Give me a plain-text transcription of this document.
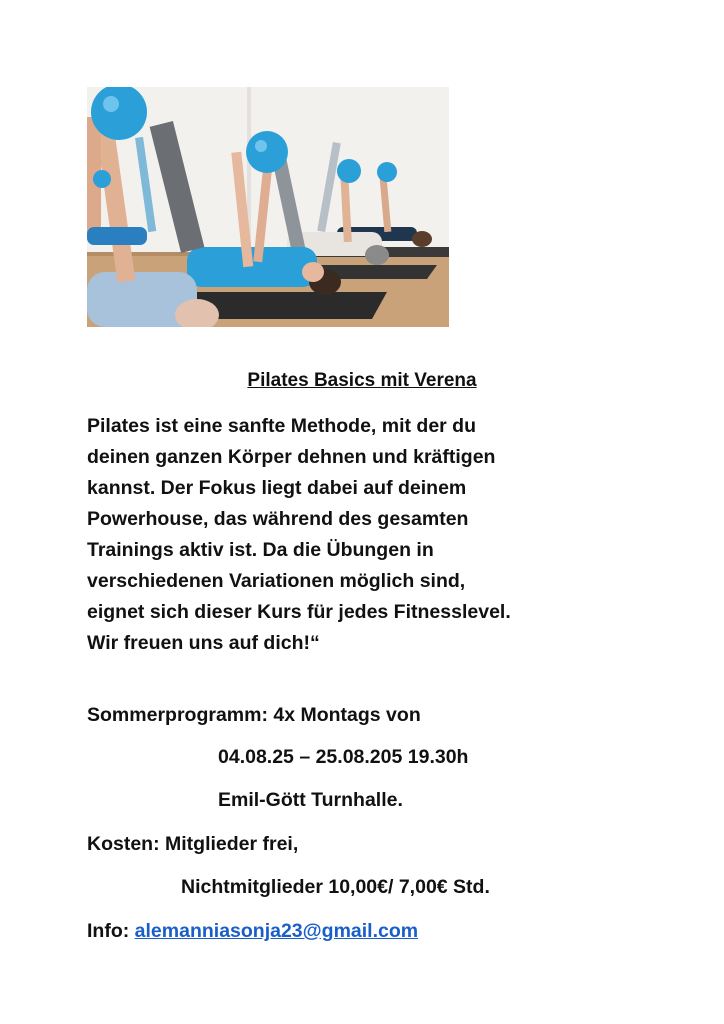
Pilates Basics mit Verena

Pilates ist eine sanfte Methode, mit der du
deinen ganzen Körper dehnen und kräftigen
kannst. Der Fokus liegt dabei auf deinem
Powerhouse, das während des gesamten
Trainings aktiv ist. Da die Übungen in
verschiedenen Variationen möglich sind,
eignet sich dieser Kurs für jedes Fitnesslevel.
Wir freuen uns auf dich!“

Sommerprogramm: 4x Montags von

04.08.25 – 25.08.205 19.30h

Emil-Gött Turnhalle.

Kosten: Mitglieder frei,

Nichtmitglieder 10,00€/ 7,00€ Std.

Info: alemanniasonja23@gmail.com
